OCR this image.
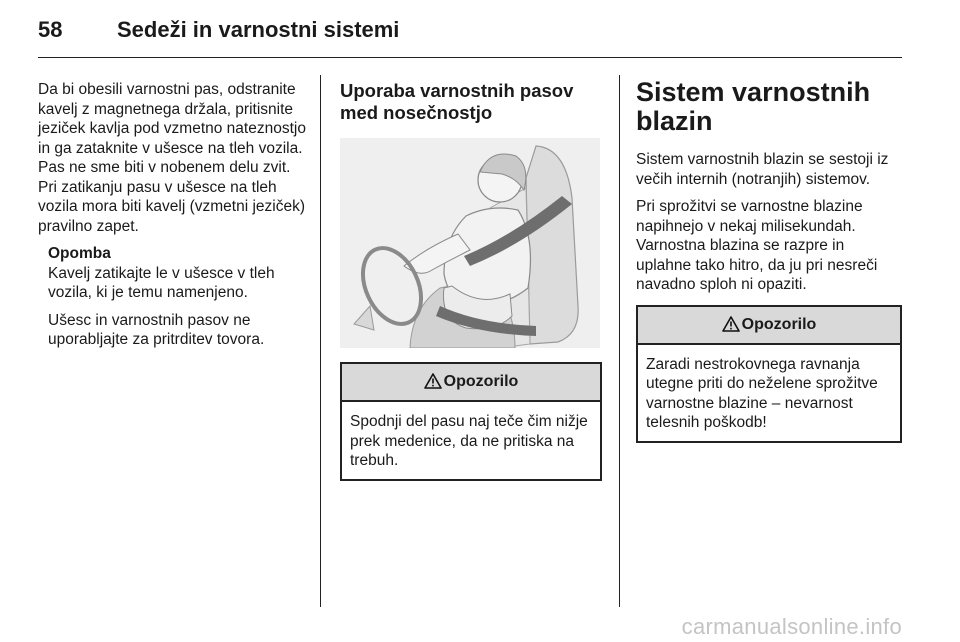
58 Sedeži in varnostni sistemi

Da bi obesili varnostni pas, odstranite kavelj z magnetnega držala, pritisnite jeziček kavlja pod vzmetno nateznostjo in ga zataknite v ušesce na tleh vozila. Pas ne sme biti v nobenem delu zvit. Pri zatikanju pasu v ušesce na tleh vozila mora biti kavelj (vzmetni jeziček) pravilno zapet.

Opomba

Kavelj zatikajte le v ušesce v tleh vozila, ki je temu namenjeno.

Ušesc in varnostnih pasov ne uporabljajte za pritrditev tovora.

Uporaba varnostnih pasov med nosečnostjo
Opozorilo
Spodnji del pasu naj teče čim nižje prek medenice, da ne pritiska na trebuh.
Sistem varnostnih blazin

Sistem varnostnih blazin se sestoji iz večih internih (notranjih) sistemov.

Pri sprožitvi se varnostne blazine napihnejo v nekaj milisekundah. Varnostna blazina se razpre in uplahne tako hitro, da ju pri nesreči navadno sploh ni opaziti.

Opozorilo
Zaradi nestrokovnega ravnanja utegne priti do neželene sprožitve varnostne blazine – nevarnost telesnih poškodb!
carmanualsonline.info
